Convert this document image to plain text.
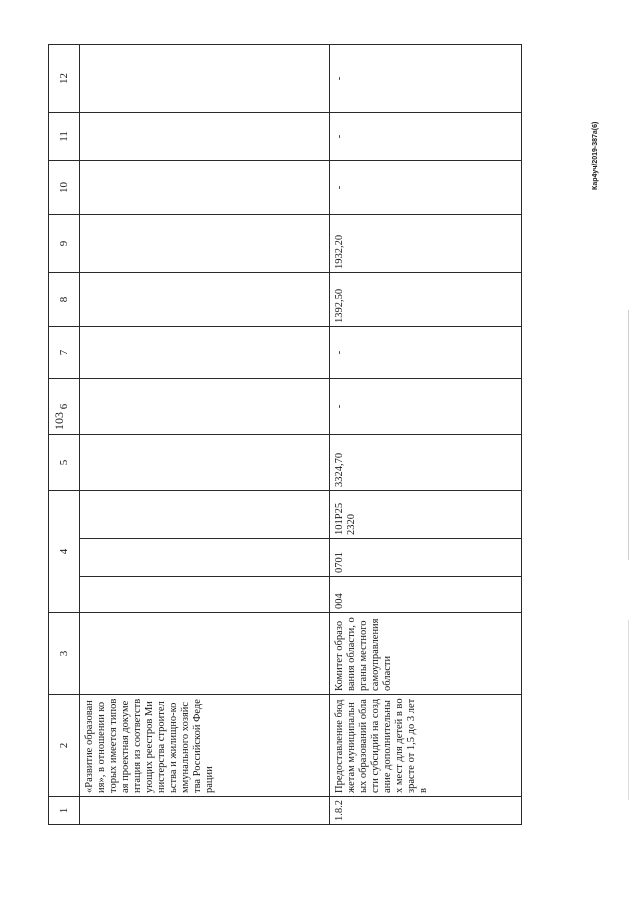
103
1	2	3	4			5	6	7	8	9	10	11	12

	«Развитие образования», в отношении которых имеется типовая проектная документация из соответствующих реестров Министерства строительства и жилищно-коммунального хозяйства Российской Федерации												

1.8.2	Предоставление бюджетам муниципальных образований области субсидий на создание дополнительных мест для детей в возрасте от 1,5 до 3 лет в	Комитет образования области, органы местного самоуправления области	004	0701	101P25 2320	3324,70	-	-	1392,50	1932,20	-	-	-
Кар4уч/2019-387а(6)
